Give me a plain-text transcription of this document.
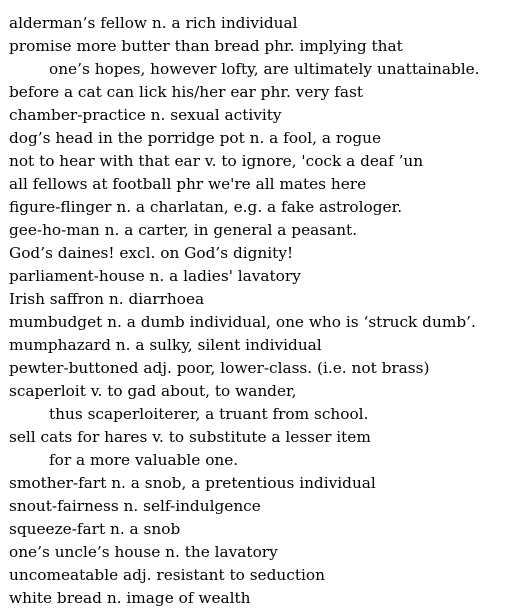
alderman’s fellow n. a rich individual
promise more butter than bread phr. implying that
one’s hopes, however lofty, are ultimately unattainable.
before a cat can lick his/her ear phr. very fast
chamber-practice n. sexual activity
dog’s head in the porridge pot n. a fool, a rogue
not to hear with that ear v. to ignore, 'cock a deaf ’un
all fellows at football phr we're all mates here
figure-flinger n. a charlatan, e.g. a fake astrologer.
gee-ho-man n. a carter, in general a peasant.
God’s daines! excl. on God’s dignity!
parliament-house n. a ladies' lavatory
Irish saffron n. diarrhoea
mumbudget n. a dumb individual, one who is ‘struck dumb’.
mumphazard n. a sulky, silent individual
pewter-buttoned adj. poor, lower-class. (i.e. not brass)
scaperloit v. to gad about, to wander,
thus scaperloiterer, a truant from school.
sell cats for hares v. to substitute a lesser item
for a more valuable one.
smother-fart n. a snob, a pretentious individual
snout-fairness n. self-indulgence
squeeze-fart n. a snob
one’s uncle’s house n. the lavatory
uncomeatable adj. resistant to seduction
white bread n. image of wealth
